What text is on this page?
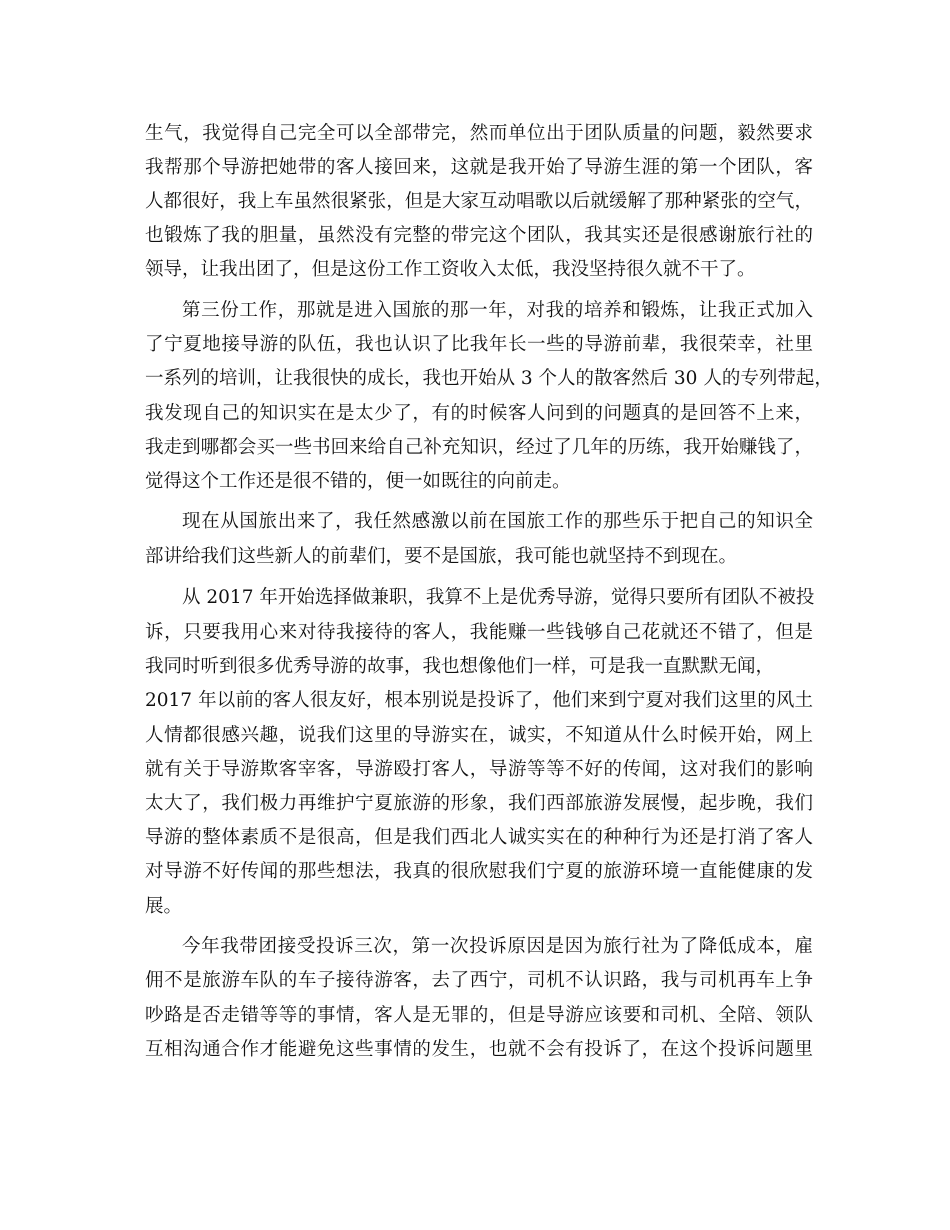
生气，我觉得自己完全可以全部带完，然而单位出于团队质量的问题，毅然要求
我帮那个导游把她带的客人接回来，这就是我开始了导游生涯的第一个团队，客
人都很好，我上车虽然很紧张，但是大家互动唱歌以后就缓解了那种紧张的空气，
也锻炼了我的胆量，虽然没有完整的带完这个团队，我其实还是很感谢旅行社的
领导，让我出团了，但是这份工作工资收入太低，我没坚持很久就不干了。
第三份工作，那就是进入国旅的那一年，对我的培养和锻炼，让我正式加入
了宁夏地接导游的队伍，我也认识了比我年长一些的导游前辈，我很荣幸，社里
一系列的培训，让我很快的成长，我也开始从 3 个人的散客然后 30 人的专列带起，
我发现自己的知识实在是太少了，有的时候客人问到的问题真的是回答不上来，
我走到哪都会买一些书回来给自己补充知识，经过了几年的历练，我开始赚钱了，
觉得这个工作还是很不错的，便一如既往的向前走。
现在从国旅出来了，我任然感激以前在国旅工作的那些乐于把自己的知识全
部讲给我们这些新人的前辈们，要不是国旅，我可能也就坚持不到现在。
从 2017 年开始选择做兼职，我算不上是优秀导游，觉得只要所有团队不被投
诉，只要我用心来对待我接待的客人，我能赚一些钱够自己花就还不错了，但是
我同时听到很多优秀导游的故事，我也想像他们一样，可是我一直默默无闻，
2017 年以前的客人很友好，根本别说是投诉了，他们来到宁夏对我们这里的风土
人情都很感兴趣，说我们这里的导游实在，诚实，不知道从什么时候开始，网上
就有关于导游欺客宰客，导游殴打客人，导游等等不好的传闻，这对我们的影响
太大了，我们极力再维护宁夏旅游的形象，我们西部旅游发展慢，起步晚，我们
导游的整体素质不是很高，但是我们西北人诚实实在的种种行为还是打消了客人
对导游不好传闻的那些想法，我真的很欣慰我们宁夏的旅游环境一直能健康的发
展。
今年我带团接受投诉三次，第一次投诉原因是因为旅行社为了降低成本，雇
佣不是旅游车队的车子接待游客，去了西宁，司机不认识路，我与司机再车上争
吵路是否走错等等的事情，客人是无罪的，但是导游应该要和司机、全陪、领队
互相沟通合作才能避免这些事情的发生，也就不会有投诉了，在这个投诉问题里
